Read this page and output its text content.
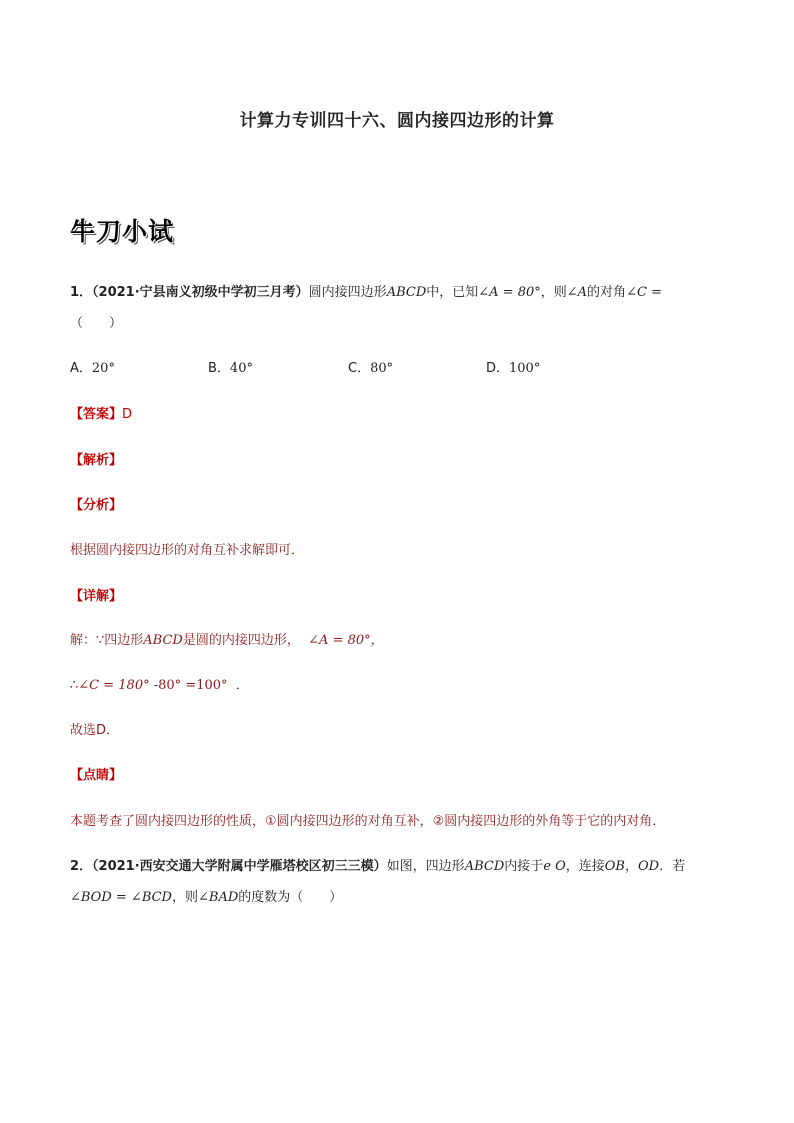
计算力专训四十六、圆内接四边形的计算
牛刀小试
1．（2021·宁县南义初级中学初三月考）圆内接四边形ABCD中，已知∠A = 80°，则∠A的对角∠C =
（　　）
A．20°	B．40°	C．80°	D．100°
【答案】D
【解析】
【分析】
根据圆内接四边形的对角互补求解即可．
【详解】
解：∵四边形ABCD是圆的内接四边形， ∠A = 80°，
∴∠C = 180° -80° =100° ．
故选D．
【点睛】
本题考查了圆内接四边形的性质，①圆内接四边形的对角互补，②圆内接四边形的外角等于它的内对角．
2．（2021·西安交通大学附属中学雁塔校区初三三模）如图，四边形ABCD内接于e O，连接OB，OD．若
∠BOD = ∠BCD，则∠BAD的度数为（　　）
